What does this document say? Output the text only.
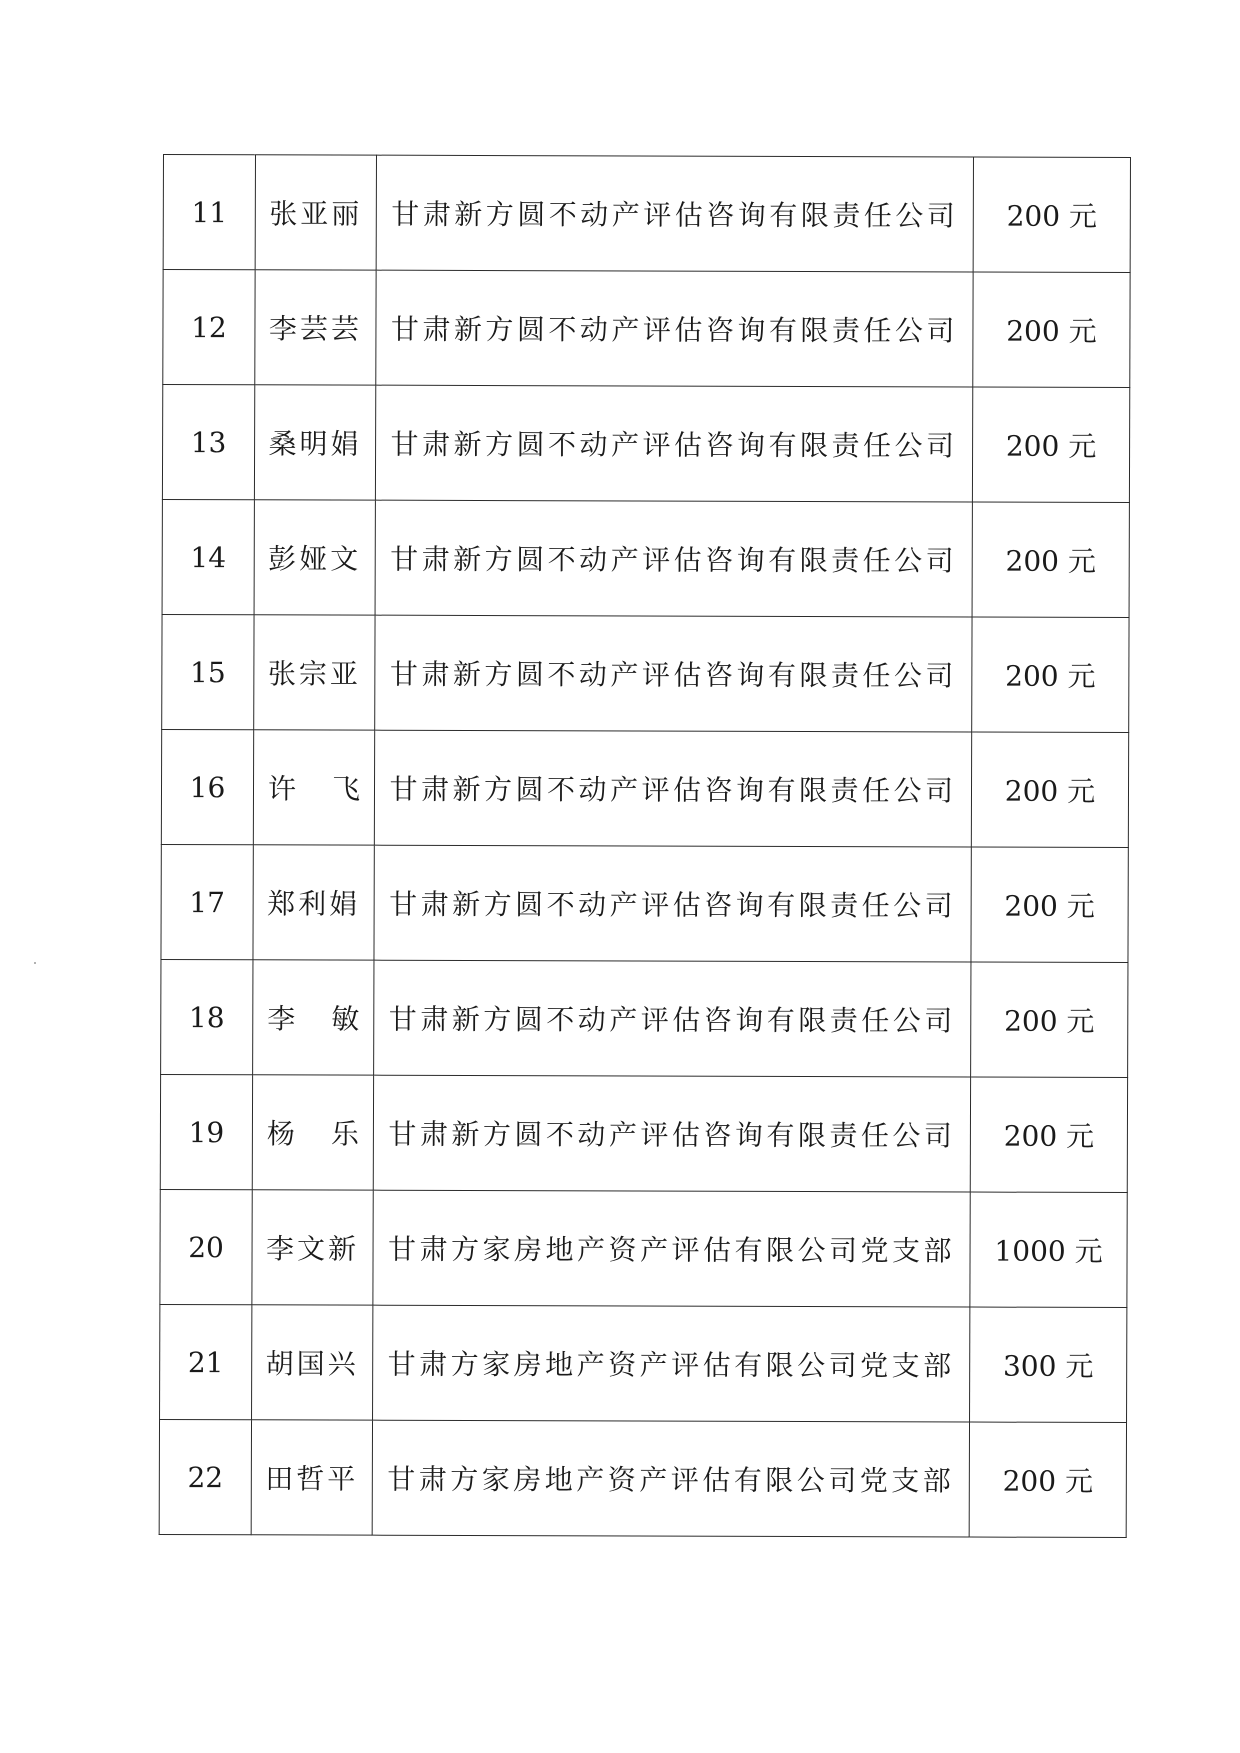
11	张亚丽	甘肃新方圆不动产评估咨询有限责任公司	200 元
12	李芸芸	甘肃新方圆不动产评估咨询有限责任公司	200 元
13	桑明娟	甘肃新方圆不动产评估咨询有限责任公司	200 元
14	彭娅文	甘肃新方圆不动产评估咨询有限责任公司	200 元
15	张宗亚	甘肃新方圆不动产评估咨询有限责任公司	200 元
16	许 飞	甘肃新方圆不动产评估咨询有限责任公司	200 元
17	郑利娟	甘肃新方圆不动产评估咨询有限责任公司	200 元
18	李 敏	甘肃新方圆不动产评估咨询有限责任公司	200 元
19	杨 乐	甘肃新方圆不动产评估咨询有限责任公司	200 元
20	李文新	甘肃方家房地产资产评估有限公司党支部	1000 元
21	胡国兴	甘肃方家房地产资产评估有限公司党支部	300 元
22	田哲平	甘肃方家房地产资产评估有限公司党支部	200 元
